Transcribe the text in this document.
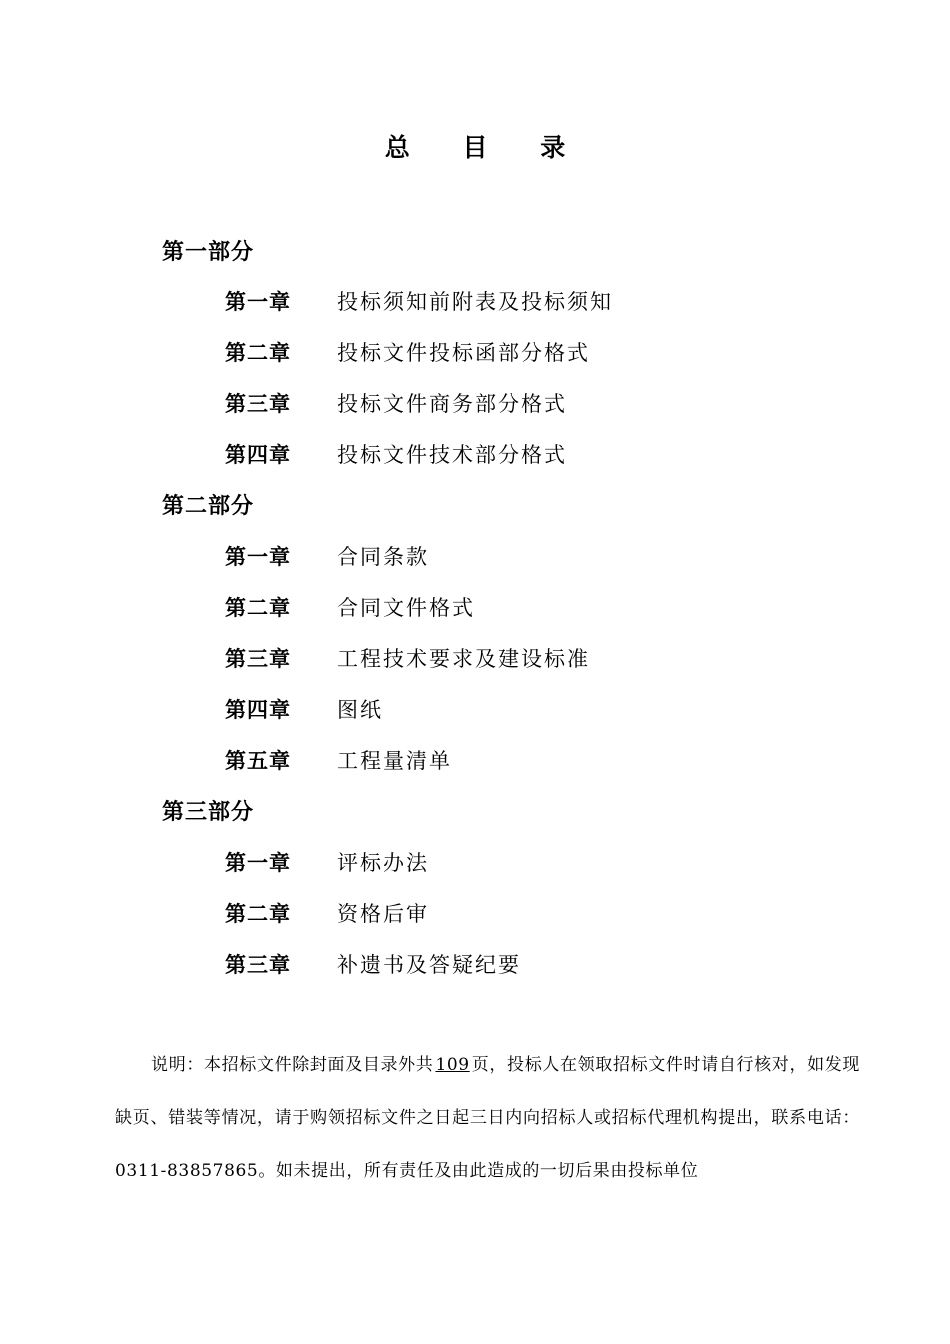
总 目 录
第一部分
第一章 投标须知前附表及投标须知
第二章 投标文件投标函部分格式
第三章 投标文件商务部分格式
第四章 投标文件技术部分格式
第二部分
第一章 合同条款
第二章 合同文件格式
第三章 工程技术要求及建设标准
第四章 图纸
第五章 工程量清单
第三部分
第一章 评标办法
第二章 资格后审
第三章 补遗书及答疑纪要
说明：本招标文件除封面及目录外共 109 页，投标人在领取招标文件时请自行核对，如发现缺页、错装等情况，请于购领招标文件之日起三日内向招标人或招标代理机构提出，联系电话：0311-83857865。如未提出，所有责任及由此造成的一切后果由投标单位
